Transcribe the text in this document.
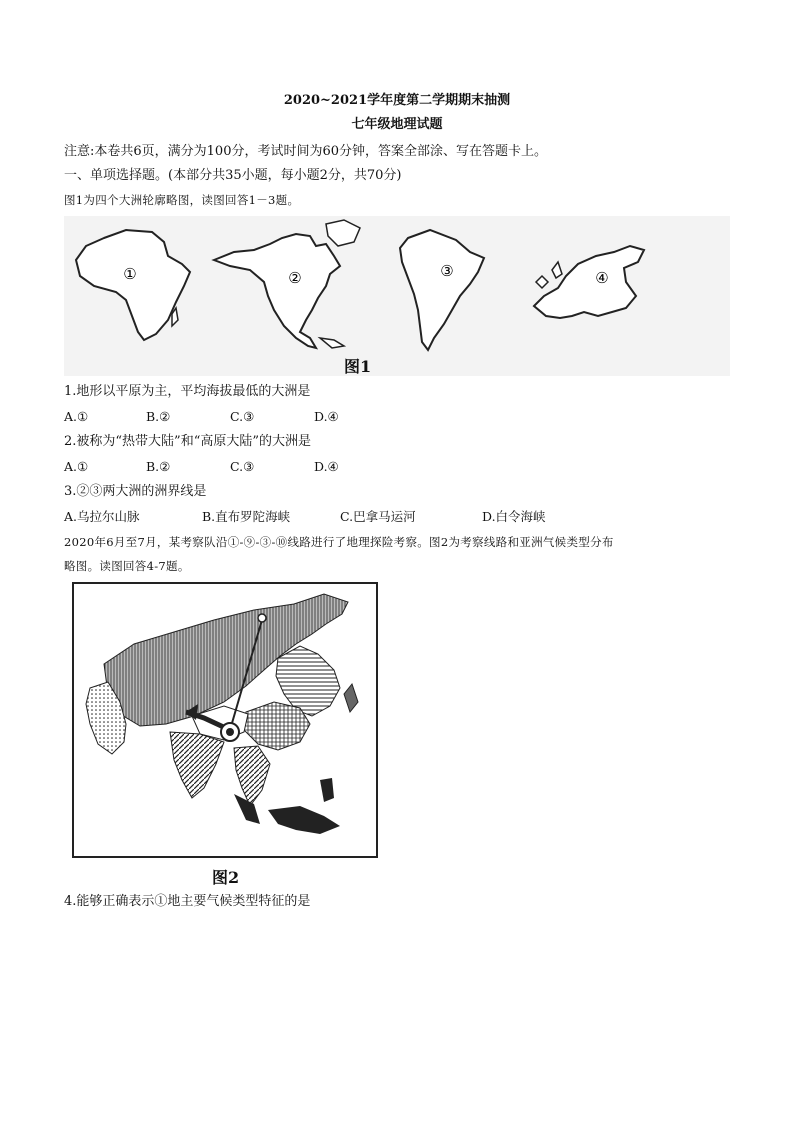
2020~2021学年度第二学期期末抽测
七年级地理试题
注意:本卷共6页，满分为100分，考试时间为60分钟，答案全部涂、写在答题卡上。
一、单项选择题。(本部分共35小题，每小题2分，共70分)
图1为四个大洲轮廓略图，读图回答1－3题。
①	②	③	④
图1
1.地形以平原为主，平均海拔最低的大洲是
A.①	B.②	C.③	D.④
2.被称为“热带大陆”和“高原大陆”的大洲是
A.①	B.②	C.③	D.④
3.②③两大洲的洲界线是
A.乌拉尔山脉	B.直布罗陀海峡	C.巴拿马运河	D.白令海峡
2020年6月至7月，某考察队沿①-⑨-③-⑩线路进行了地理探险考察。图2为考察线路和亚洲气候类型分布
略图。读图回答4-7题。
图2
4.能够正确表示①地主要气候类型特征的是
